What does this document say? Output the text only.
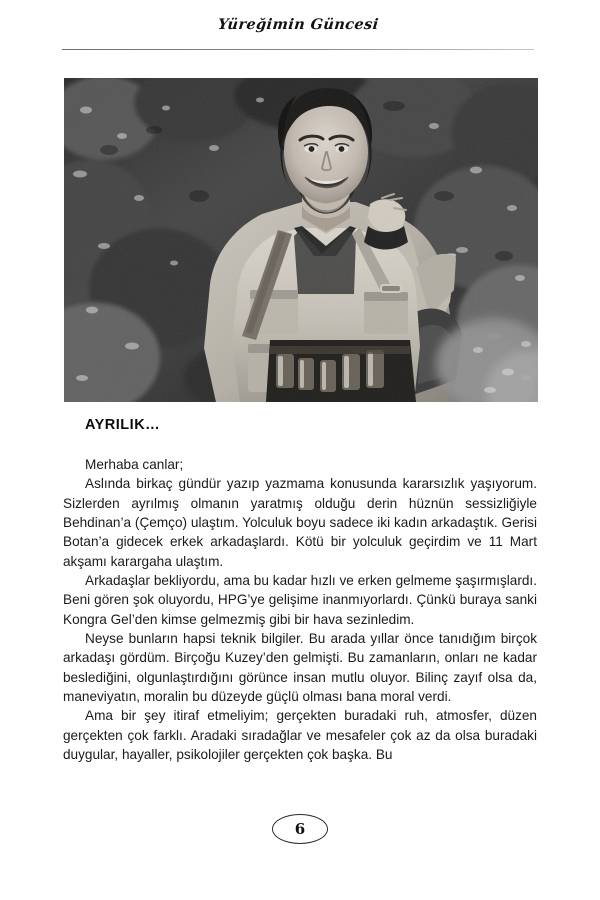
Yüreğimin Güncesi
AYRILIK…

Merhaba canlar;

Aslında birkaç gündür yazıp yazmama konusunda kararsızlık yaşıyorum. Sizlerden ayrılmış olmanın yaratmış olduğu derin hüznün sessizliğiyle Behdinan’a (Çemço) ulaştım. Yolculuk boyu sadece iki kadın arkadaştık. Gerisi Botan’a gidecek erkek arkadaşlardı. Kötü bir yolculuk geçirdim ve 11 Mart akşamı karargaha ulaştım.

Arkadaşlar bekliyordu, ama bu kadar hızlı ve erken gelmeme şaşırmışlardı. Beni gören şok oluyordu, HPG’ye gelişime inanmıyorlardı. Çünkü buraya sanki Kongra Gel’den kimse gelmezmiş gibi bir hava sezinledim.

Neyse bunların hapsi teknik bilgiler. Bu arada yıllar önce tanıdığım birçok arkadaşı gördüm. Birçoğu Kuzey’den gelmişti. Bu zamanların, onları ne kadar beslediğini, olgunlaştırdığını görünce insan mutlu oluyor. Bilinç zayıf olsa da, maneviyatın, moralin bu düzeyde güçlü olması bana moral verdi.

Ama bir şey itiraf etmeliyim; gerçekten buradaki ruh, atmosfer, düzen gerçekten çok farklı. Aradaki sıradağlar ve mesafeler çok az da olsa buradaki duygular, hayaller, psikolojiler gerçekten çok başka. Bu

6
